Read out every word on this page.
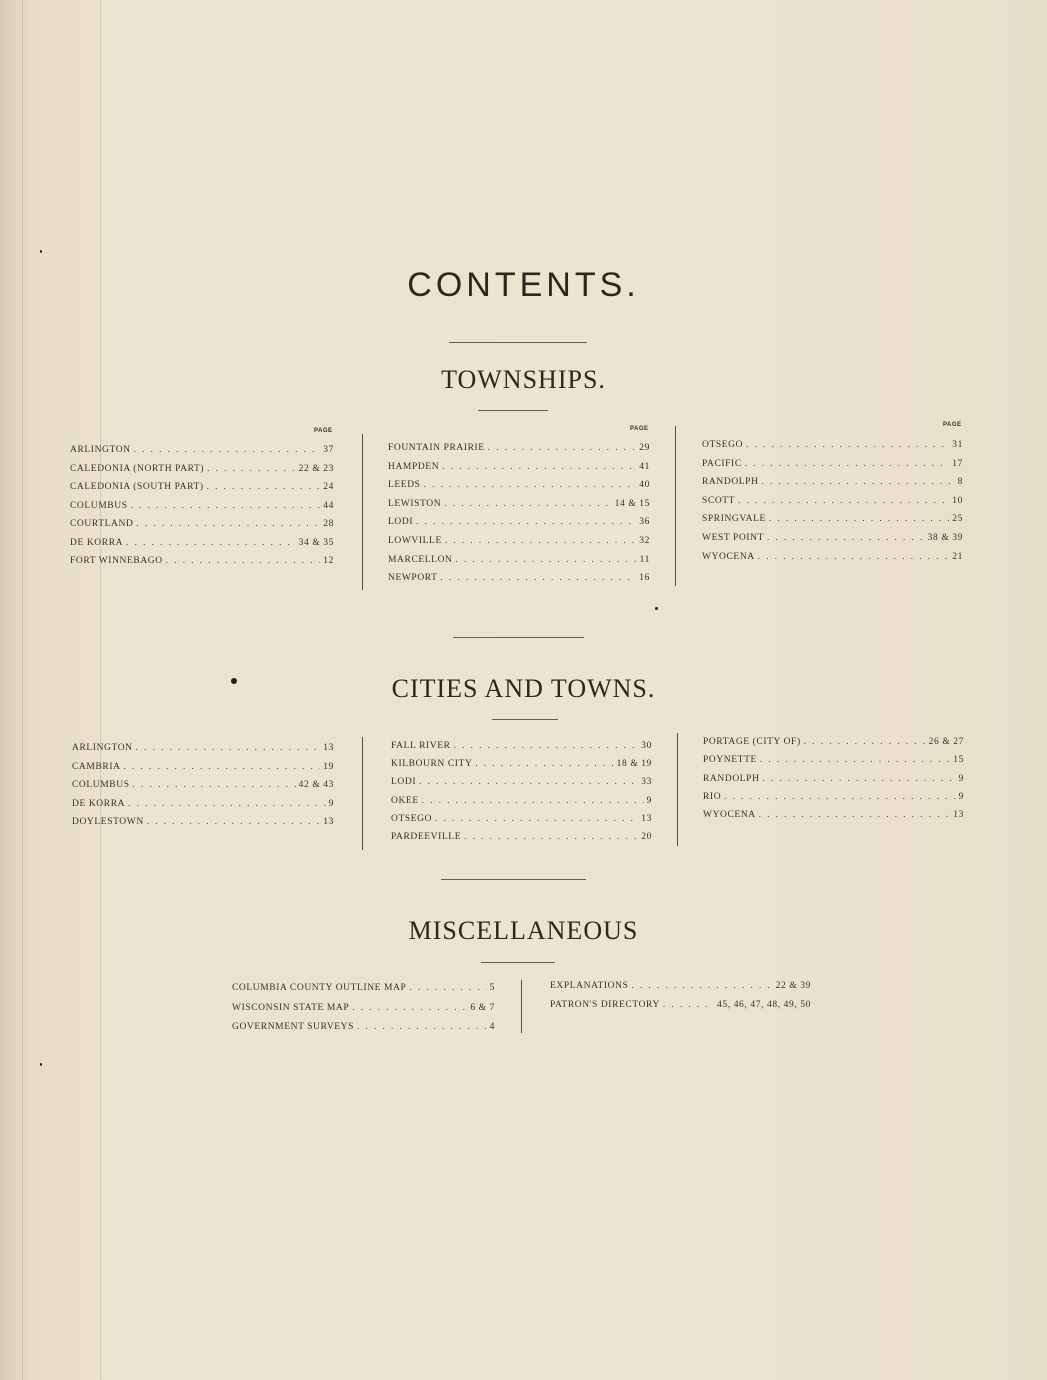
CONTENTS.
TOWNSHIPS.
PAGE	PAGE
PAGE
ARLINGTON . . .	37
CALEDONIA (NORTH PART) . . .	22 & 23
CALEDONIA (SOUTH PART) . . .	24
COLUMBUS . . .	44
COURTLAND . . .	28
DE KORRA . . .	34 & 35
FORT WINNEBAGO . . .	12
FOUNTAIN PRAIRIE . . .	29
HAMPDEN . . .	41
LEEDS . . .	40
LEWISTON . . .	14 & 15
LODI . . .	36
LOWVILLE . . .	32
MARCELLON . . .	11
NEWPORT . . .	16
OTSEGO . . .	31
PACIFIC . . .	17
RANDOLPH . . .	8
SCOTT . . .	10
SPRINGVALE . . .	25
WEST POINT . . .	38 & 39
WYOCENA . . .	21
CITIES AND TOWNS.
ARLINGTON . . .	13
CAMBRIA . . .	19
COLUMBUS . . .	42 & 43
DE KORRA . . .	9
DOYLESTOWN . . .	13
FALL RIVER . . .	30
KILBOURN CITY . . .	18 & 19
LODI . . .	33
OKEE . . .	9
OTSEGO . . .	13
PARDEEVILLE . . .	20
PORTAGE (CITY OF) . . .	26 & 27
POYNETTE . . .	15
RANDOLPH . . .	9
RIO . . .	9
WYOCENA . . .	13
MISCELLANEOUS
COLUMBIA COUNTY OUTLINE MAP . . .	5
WISCONSIN STATE MAP . . .	6 & 7
GOVERNMENT SURVEYS . . .	4
EXPLANATIONS . . .	22 & 39
PATRON'S DIRECTORY . . .	45, 46, 47, 48, 49, 50
